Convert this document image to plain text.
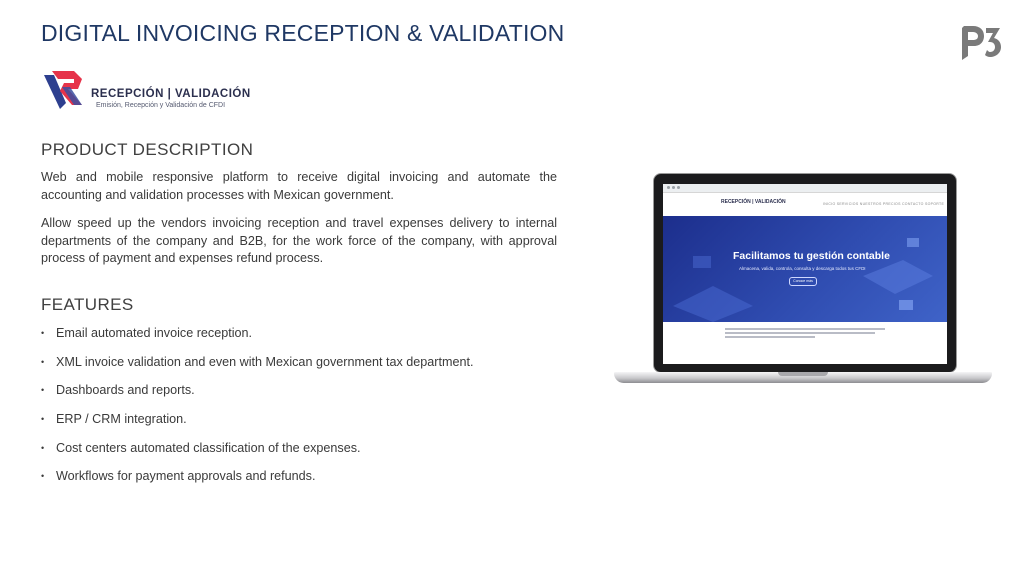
DIGITAL INVOICING RECEPTION & VALIDATION
RECEPCIÓN | VALIDACIÓN
Emisión, Recepción y Validación de CFDI
PRODUCT DESCRIPTION

Web and mobile responsive platform to receive digital invoicing and automate the accounting and validation processes with Mexican government.

Allow speed up the vendors invoicing reception and travel expenses delivery to internal departments of the company and B2B, for the work force of the company, with approval process of payment and expenses refund process.

FEATURES
• Email automated invoice reception.
• XML invoice validation and even with Mexican government tax department.
• Dashboards and reports.
• ERP / CRM integration.
• Cost centers automated classification of the expenses.
• Workflows for payment approvals and refunds.
RECEPCIÓN | VALIDACIÓN	INICIO SERVICIOS NUESTROS PRECIOS CONTACTO SOPORTE
Facilitamos tu gestión contable
Almacena, valida, controla, consulta y descarga todos tus CFDI
Conoce más
